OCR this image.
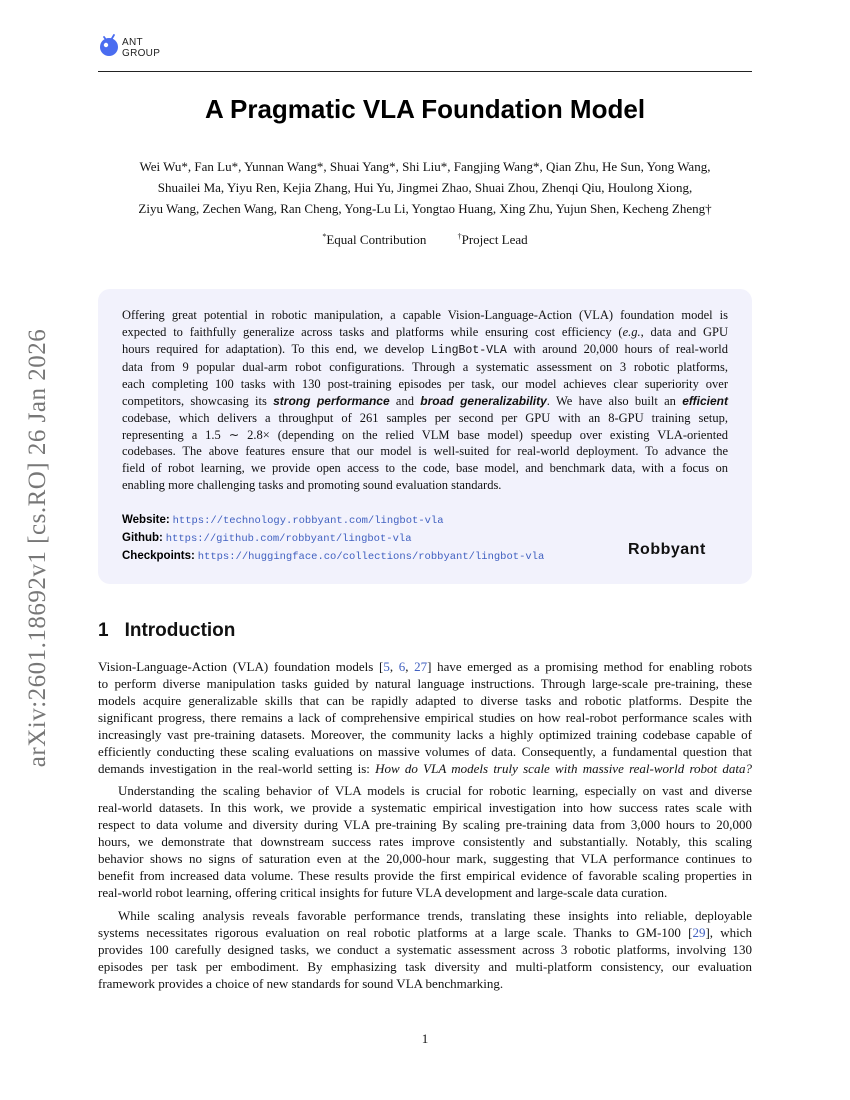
ANT
GROUP
A Pragmatic VLA Foundation Model
Wei Wu*, Fan Lu*, Yunnan Wang*, Shuai Yang*, Shi Liu*, Fangjing Wang*, Qian Zhu, He Sun, Yong Wang,
Shuailei Ma, Yiyu Ren, Kejia Zhang, Hui Yu, Jingmei Zhao, Shuai Zhou, Zhenqi Qiu, Houlong Xiong,
Ziyu Wang, Zechen Wang, Ran Cheng, Yong-Lu Li, Yongtao Huang, Xing Zhu, Yujun Shen, Kecheng Zheng†
*Equal Contribution	†Project Lead
arXiv:2601.18692v1 [cs.RO] 26 Jan 2026
Offering great potential in robotic manipulation, a capable Vision-Language-Action (VLA) foundation model is
expected to faithfully generalize across tasks and platforms while ensuring cost efficiency (e.g., data and GPU
hours required for adaptation). To this end, we develop LingBot-VLA with around 20,000 hours of real-world
data from 9 popular dual-arm robot configurations. Through a systematic assessment on 3 robotic platforms,
each completing 100 tasks with 130 post-training episodes per task, our model achieves clear superiority over
competitors, showcasing its strong performance and broad generalizability. We have also built an efficient
codebase, which delivers a throughput of 261 samples per second per GPU with an 8-GPU training setup,
representing a 1.5 ∼ 2.8× (depending on the relied VLM base model) speedup over existing VLA-oriented
codebases. The above features ensure that our model is well-suited for real-world deployment. To advance the
field of robot learning, we provide open access to the code, base model, and benchmark data, with a focus on
enabling more challenging tasks and promoting sound evaluation standards.
Website: https://technology.robbyant.com/lingbot-vla
Github: https://github.com/robbyant/lingbot-vla
Checkpoints: https://huggingface.co/collections/robbyant/lingbot-vla	Robbyant
1 Introduction
Vision-Language-Action (VLA) foundation models [5, 6, 27] have emerged as a promising method for enabling robots
to perform diverse manipulation tasks guided by natural language instructions. Through large-scale pre-training, these
models acquire generalizable skills that can be rapidly adapted to diverse tasks and robotic platforms. Despite the
significant progress, there remains a lack of comprehensive empirical studies on how real-robot performance scales with
increasingly vast pre-training datasets. Moreover, the community lacks a highly optimized training codebase capable of
efficiently conducting these scaling evaluations on massive volumes of data. Consequently, a fundamental question that
demands investigation in the real-world setting is: How do VLA models truly scale with massive real-world robot data?
Understanding the scaling behavior of VLA models is crucial for robotic learning, especially on vast and diverse
real-world datasets. In this work, we provide a systematic empirical investigation into how success rates scale with
respect to data volume and diversity during VLA pre-training By scaling pre-training data from 3,000 hours to 20,000
hours, we demonstrate that downstream success rates improve consistently and substantially. Notably, this scaling
behavior shows no signs of saturation even at the 20,000-hour mark, suggesting that VLA performance continues to
benefit from increased data volume. These results provide the first empirical evidence of favorable scaling properties in
real-world robot learning, offering critical insights for future VLA development and large-scale data curation.
While scaling analysis reveals favorable performance trends, translating these insights into reliable, deployable
systems necessitates rigorous evaluation on real robotic platforms at a large scale. Thanks to GM-100 [29], which
provides 100 carefully designed tasks, we conduct a systematic assessment across 3 robotic platforms, involving 130
episodes per task per embodiment. By emphasizing task diversity and multi-platform consistency, our evaluation
framework provides a choice of new standards for sound VLA benchmarking.
1
